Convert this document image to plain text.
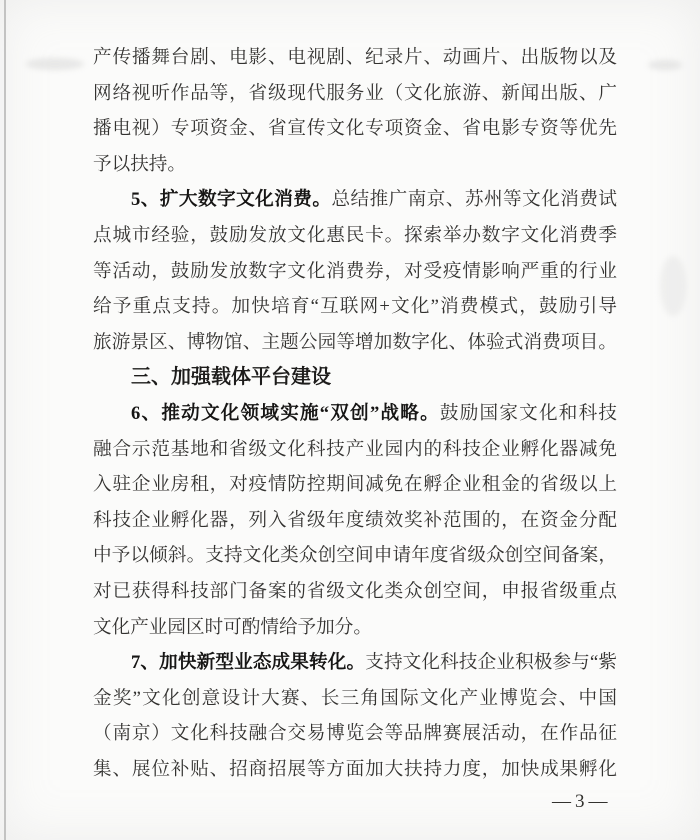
产传播舞台剧、电影、电视剧、纪录片、动画片、出版物以及

网络视听作品等，省级现代服务业（文化旅游、新闻出版、广

播电视）专项资金、省宣传文化专项资金、省电影专资等优先

予以扶持。

5、扩大数字文化消费。总结推广南京、苏州等文化消费试

点城市经验，鼓励发放文化惠民卡。探索举办数字文化消费季

等活动，鼓励发放数字文化消费券，对受疫情影响严重的行业

给予重点支持。加快培育“互联网+文化”消费模式，鼓励引导

旅游景区、博物馆、主题公园等增加数字化、体验式消费项目。

三、加强载体平台建设

6、推动文化领域实施“双创”战略。鼓励国家文化和科技

融合示范基地和省级文化科技产业园内的科技企业孵化器减免

入驻企业房租，对疫情防控期间减免在孵企业租金的省级以上

科技企业孵化器，列入省级年度绩效奖补范围的，在资金分配

中予以倾斜。支持文化类众创空间申请年度省级众创空间备案，

对已获得科技部门备案的省级文化类众创空间，申报省级重点

文化产业园区时可酌情给予加分。

7、加快新型业态成果转化。支持文化科技企业积极参与“紫

金奖”文化创意设计大赛、长三角国际文化产业博览会、中国

（南京）文化科技融合交易博览会等品牌赛展活动，在作品征

集、展位补贴、招商招展等方面加大扶持力度，加快成果孵化

—3—
